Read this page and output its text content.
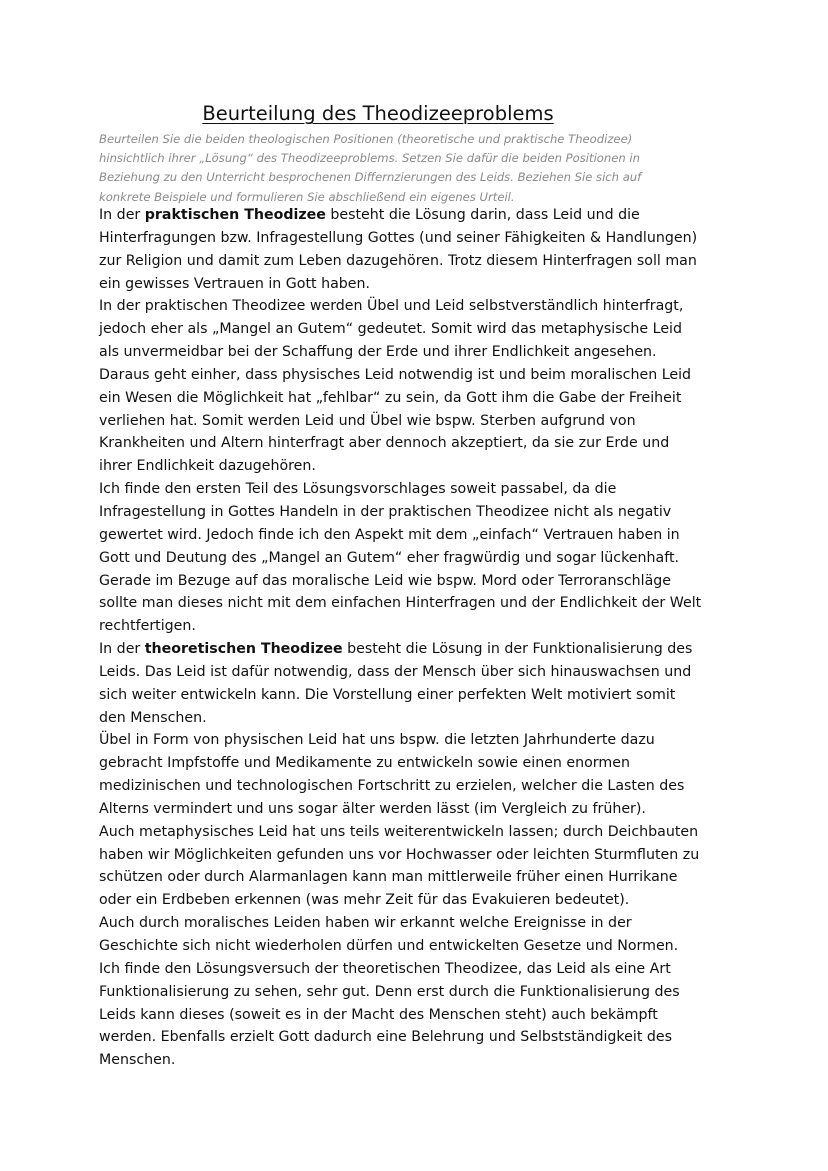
Beurteilung des Theodizeeproblems

Beurteilen Sie die beiden theologischen Positionen (theoretische und praktische Theodizee)
hinsichtlich ihrer „Lösung“ des Theodizeeproblems. Setzen Sie dafür die beiden Positionen in
Beziehung zu den Unterricht besprochenen Differnzierungen des Leids. Beziehen Sie sich auf
konkrete Beispiele und formulieren Sie abschließend ein eigenes Urteil.

In der praktischen Theodizee besteht die Lösung darin, dass Leid und die
Hinterfragungen bzw. Infragestellung Gottes (und seiner Fähigkeiten & Handlungen)
zur Religion und damit zum Leben dazugehören. Trotz diesem Hinterfragen soll man
ein gewisses Vertrauen in Gott haben.
In der praktischen Theodizee werden Übel und Leid selbstverständlich hinterfragt,
jedoch eher als „Mangel an Gutem“ gedeutet. Somit wird das metaphysische Leid
als unvermeidbar bei der Schaffung der Erde und ihrer Endlichkeit angesehen.
Daraus geht einher, dass physisches Leid notwendig ist und beim moralischen Leid
ein Wesen die Möglichkeit hat „fehlbar“ zu sein, da Gott ihm die Gabe der Freiheit
verliehen hat. Somit werden Leid und Übel wie bspw. Sterben aufgrund von
Krankheiten und Altern hinterfragt aber dennoch akzeptiert, da sie zur Erde und
ihrer Endlichkeit dazugehören.
Ich finde den ersten Teil des Lösungsvorschlages soweit passabel, da die
Infragestellung in Gottes Handeln in der praktischen Theodizee nicht als negativ
gewertet wird. Jedoch finde ich den Aspekt mit dem „einfach“ Vertrauen haben in
Gott und Deutung des „Mangel an Gutem“ eher fragwürdig und sogar lückenhaft.
Gerade im Bezuge auf das moralische Leid wie bspw. Mord oder Terroranschläge
sollte man dieses nicht mit dem einfachen Hinterfragen und der Endlichkeit der Welt
rechtfertigen.
In der theoretischen Theodizee besteht die Lösung in der Funktionalisierung des
Leids. Das Leid ist dafür notwendig, dass der Mensch über sich hinauswachsen und
sich weiter entwickeln kann. Die Vorstellung einer perfekten Welt motiviert somit
den Menschen.
Übel in Form von physischen Leid hat uns bspw. die letzten Jahrhunderte dazu
gebracht Impfstoffe und Medikamente zu entwickeln sowie einen enormen
medizinischen und technologischen Fortschritt zu erzielen, welcher die Lasten des
Alterns vermindert und uns sogar älter werden lässt (im Vergleich zu früher).
Auch metaphysisches Leid hat uns teils weiterentwickeln lassen; durch Deichbauten
haben wir Möglichkeiten gefunden uns vor Hochwasser oder leichten Sturmfluten zu
schützen oder durch Alarmanlagen kann man mittlerweile früher einen Hurrikane
oder ein Erdbeben erkennen (was mehr Zeit für das Evakuieren bedeutet).
Auch durch moralisches Leiden haben wir erkannt welche Ereignisse in der
Geschichte sich nicht wiederholen dürfen und entwickelten Gesetze und Normen.
Ich finde den Lösungsversuch der theoretischen Theodizee, das Leid als eine Art
Funktionalisierung zu sehen, sehr gut. Denn erst durch die Funktionalisierung des
Leids kann dieses (soweit es in der Macht des Menschen steht) auch bekämpft
werden. Ebenfalls erzielt Gott dadurch eine Belehrung und Selbstständigkeit des
Menschen.
